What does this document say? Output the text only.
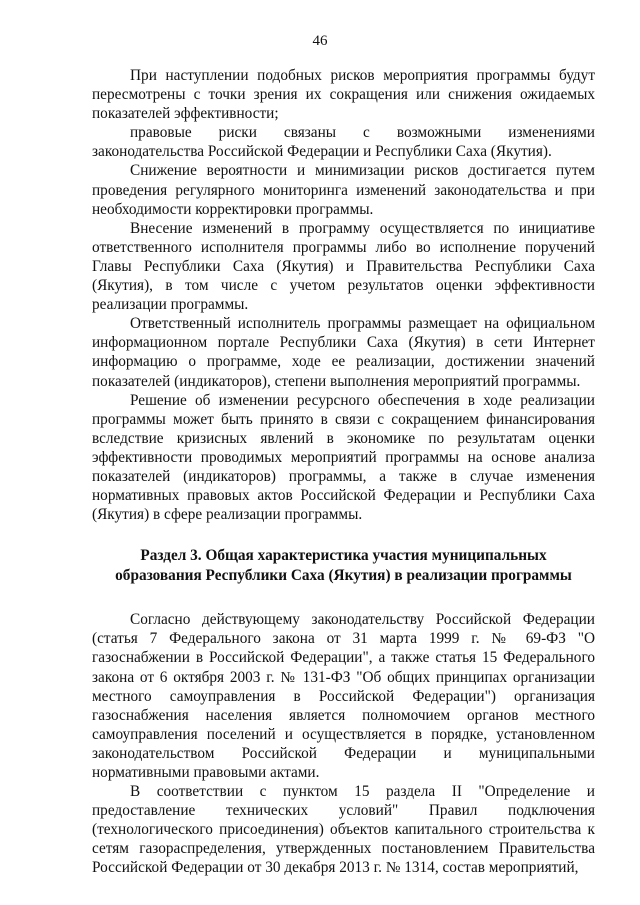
46

При наступлении подобных рисков мероприятия программы будут пересмотрены с точки зрения их сокращения или снижения ожидаемых показателей эффективности;

правовые риски связаны с возможными изменениями законодательства Российской Федерации и Республики Саха (Якутия).

Снижение вероятности и минимизации рисков достигается путем проведения регулярного мониторинга изменений законодательства и при необходимости корректировки программы.

Внесение изменений в программу осуществляется по инициативе ответственного исполнителя программы либо во исполнение поручений Главы Республики Саха (Якутия) и Правительства Республики Саха (Якутия), в том числе с учетом результатов оценки эффективности реализации программы.

Ответственный исполнитель программы размещает на официальном информационном портале Республики Саха (Якутия) в сети Интернет информацию о программе, ходе ее реализации, достижении значений показателей (индикаторов), степени выполнения мероприятий программы.

Решение об изменении ресурсного обеспечения в ходе реализации программы может быть принято в связи с сокращением финансирования вследствие кризисных явлений в экономике по результатам оценки эффективности проводимых мероприятий программы на основе анализа показателей (индикаторов) программы, а также в случае изменения нормативных правовых актов Российской Федерации и Республики Саха (Якутия) в сфере реализации программы.

Раздел 3. Общая характеристика участия муниципальных
образования Республики Саха (Якутия) в реализации программы

Согласно действующему законодательству Российской Федерации (статья 7 Федерального закона от 31 марта 1999 г. № 69-ФЗ "О газоснабжении в Российской Федерации", а также статья 15 Федерального закона от 6 октября 2003 г. № 131-ФЗ "Об общих принципах организации местного самоуправления в Российской Федерации") организация газоснабжения населения является полномочием органов местного самоуправления поселений и осуществляется в порядке, установленном законодательством Российской Федерации и муниципальными нормативными правовыми актами.

В соответствии с пунктом 15 раздела II "Определение и предоставление технических условий" Правил подключения (технологического присоединения) объектов капитального строительства к сетям газораспределения, утвержденных постановлением Правительства Российской Федерации от 30 декабря 2013 г. № 1314, состав мероприятий,
